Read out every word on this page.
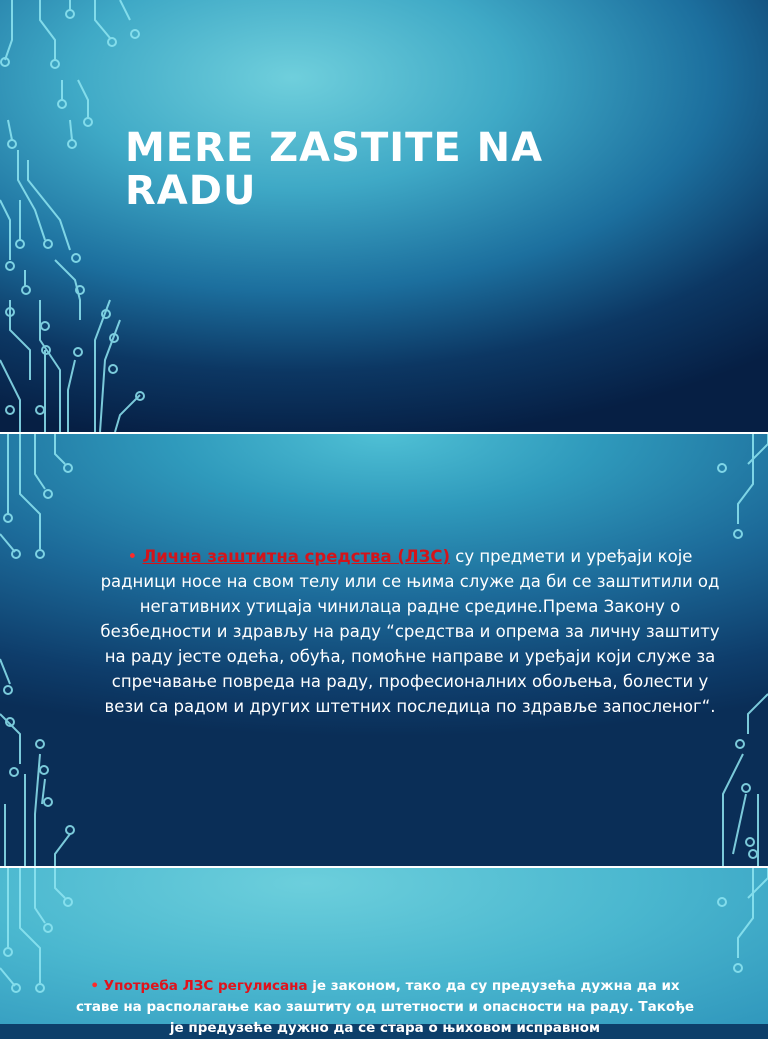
MERE ZASTITE NA
RADU

• Лична заштитна средства (ЛЗС) су предмети и уређаји које радници носе на свом телу или се њима служе да би се заштитили од негативних утицаја чинилаца радне средине.Према Закону о безбедности и здрављу на раду “средства и опрема за личну заштиту на раду јесте одећа, обућа, помоћне направе и уређаји који служе за спречавање повреда на раду, професионалних обољења, болести у вези са радом и других штетних последица по здравље запосленог“.

• Употреба ЛЗС регулисана је законом, тако да су предузећа дужна да их ставе на располагање као заштиту од штетности и опасности на раду. Такође је предузеће дужно да се стара о њиховом исправном
